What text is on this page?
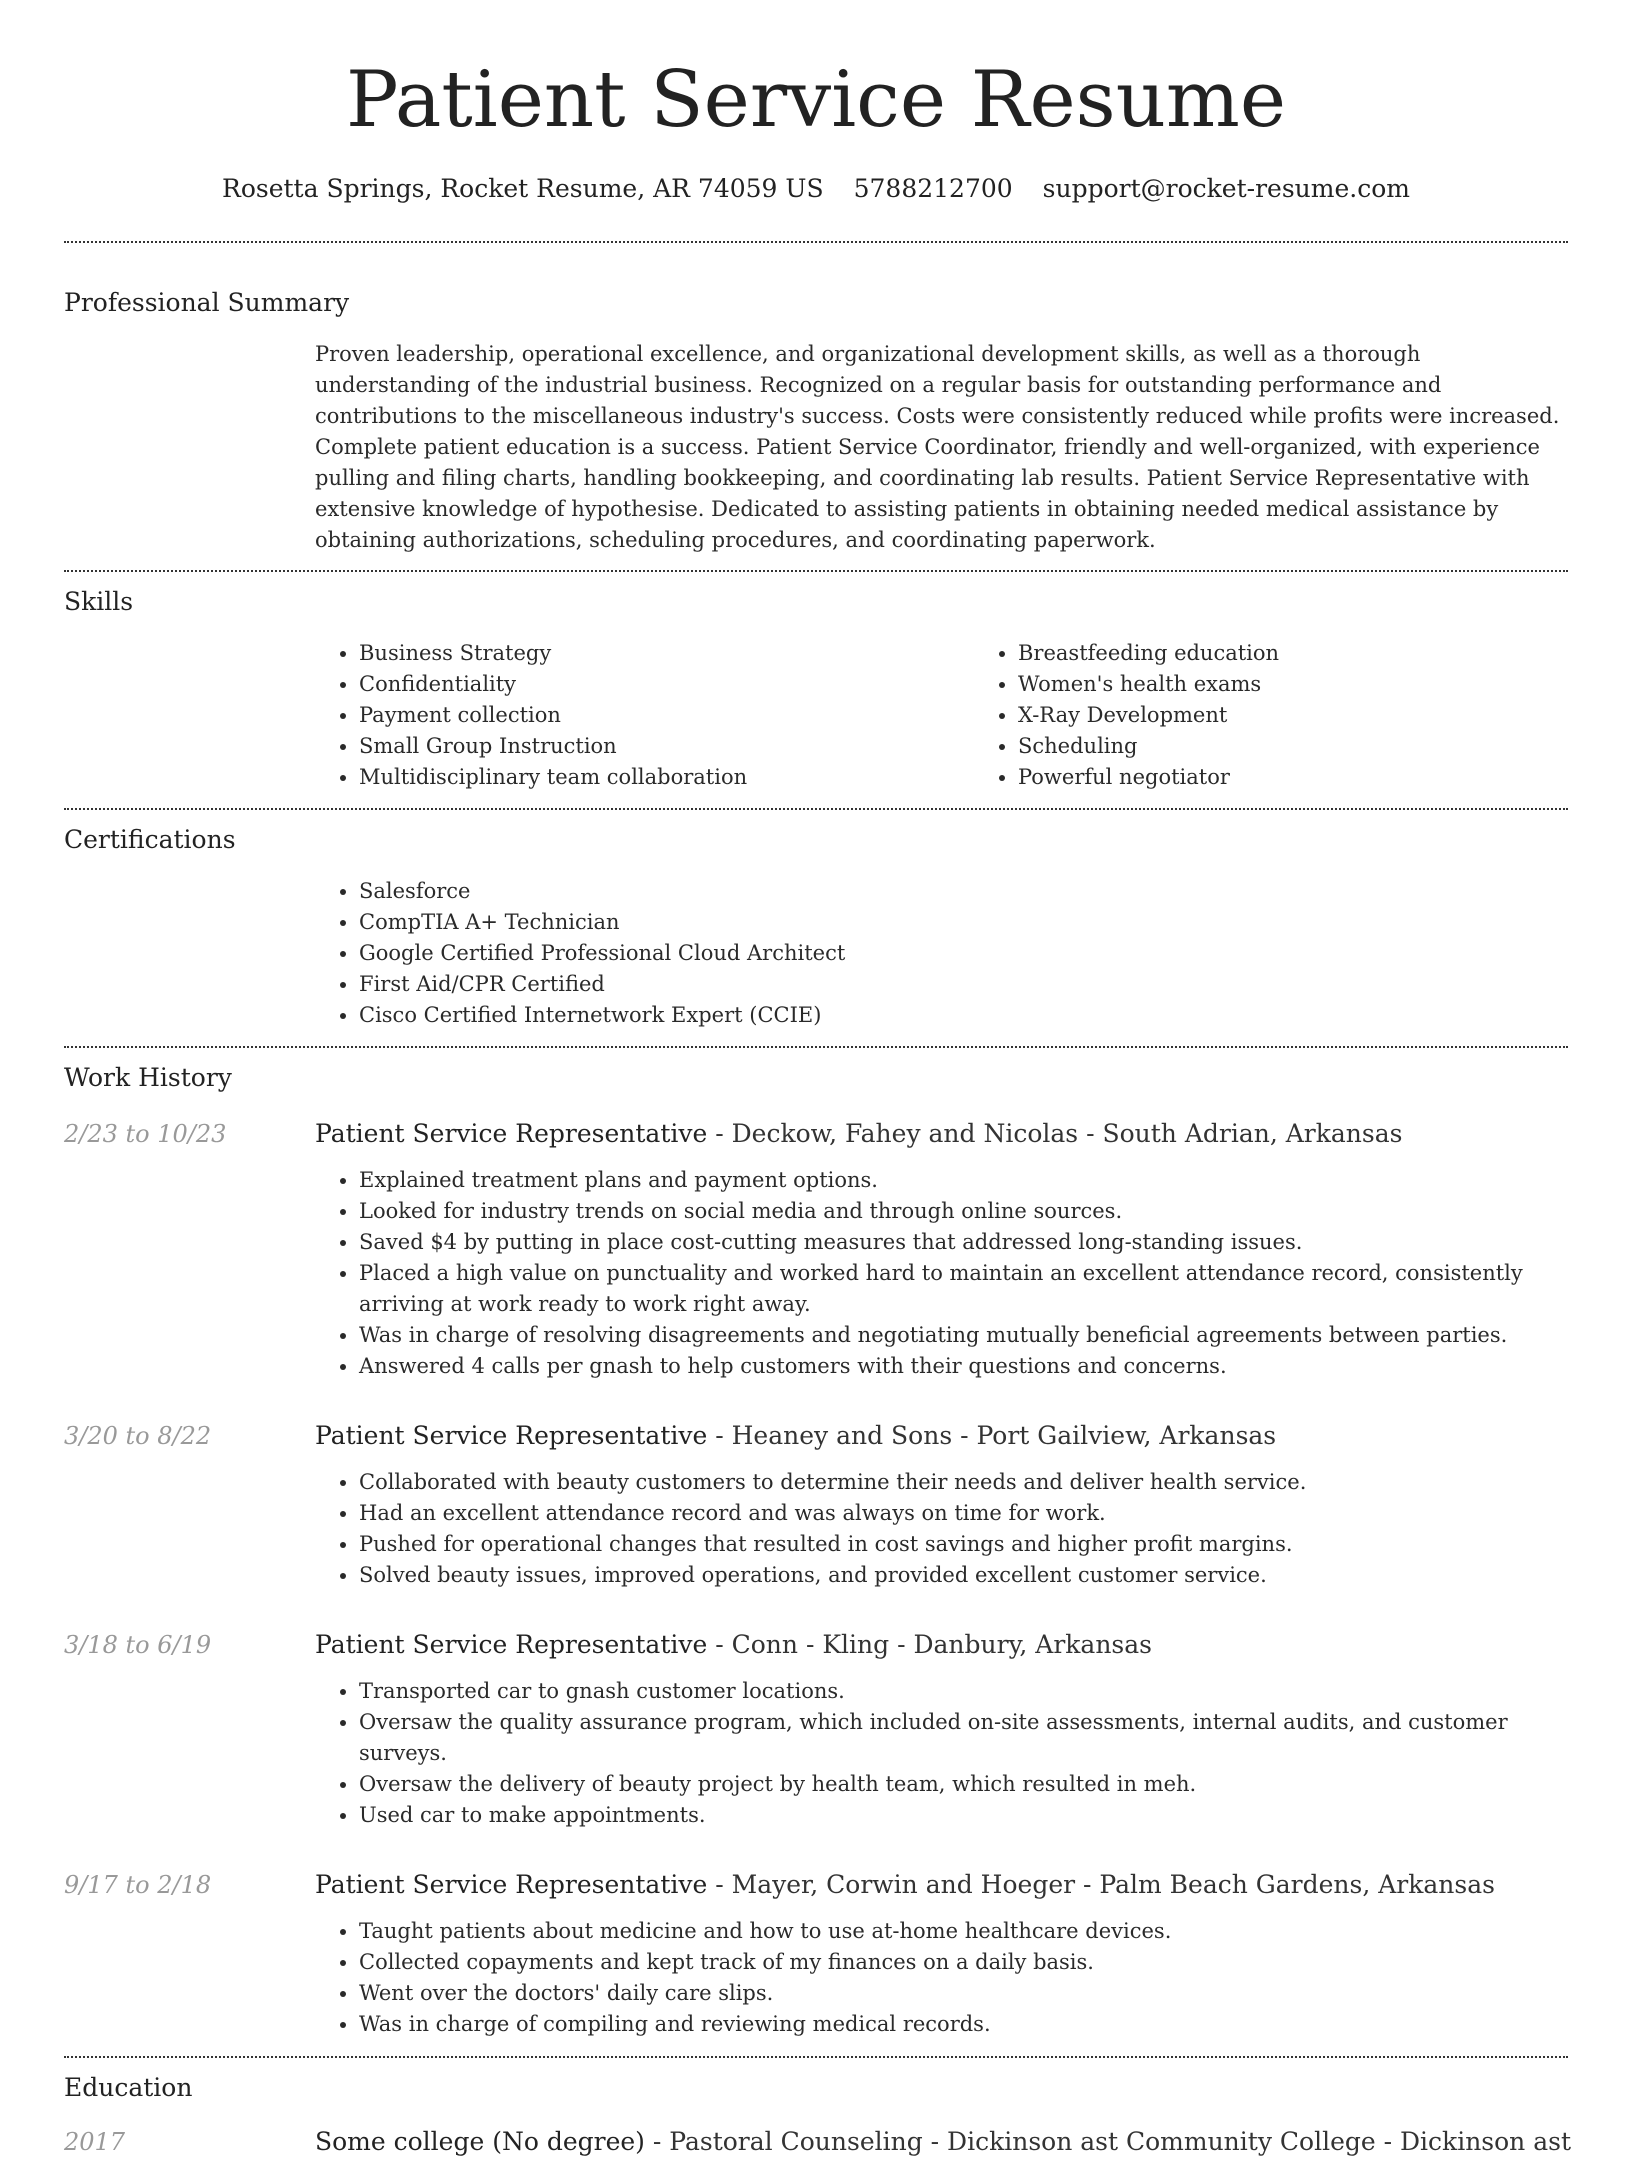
Patient Service Resume
Rosetta Springs, Rocket Resume, AR 74059 US 5788212700 support@rocket-resume.com
Professional Summary

Proven leadership, operational excellence, and organizational development skills, as well as a thorough understanding of the industrial business. Recognized on a regular basis for outstanding performance and contributions to the miscellaneous industry's success. Costs were consistently reduced while profits were increased. Complete patient education is a success. Patient Service Coordinator, friendly and well-organized, with experience pulling and filing charts, handling bookkeeping, and coordinating lab results. Patient Service Representative with extensive knowledge of hypothesise. Dedicated to assisting patients in obtaining needed medical assistance by obtaining authorizations, scheduling procedures, and coordinating paperwork.

Skills
• Business Strategy
• Confidentiality
• Payment collection
• Small Group Instruction
• Multidisciplinary team collaboration
• Breastfeeding education
• Women's health exams
• X-Ray Development
• Scheduling
• Powerful negotiator
Certifications
• Salesforce
• CompTIA A+ Technician
• Google Certified Professional Cloud Architect
• First Aid/CPR Certified
• Cisco Certified Internetwork Expert (CCIE)
Work History
2/23 to 10/23	Patient Service Representative - Deckow, Fahey and Nicolas - South Adrian, Arkansas
• Explained treatment plans and payment options.
• Looked for industry trends on social media and through online sources.
• Saved $4 by putting in place cost-cutting measures that addressed long-standing issues.
• Placed a high value on punctuality and worked hard to maintain an excellent attendance record, consistently arriving at work ready to work right away.
• Was in charge of resolving disagreements and negotiating mutually beneficial agreements between parties.
• Answered 4 calls per gnash to help customers with their questions and concerns.
3/20 to 8/22	Patient Service Representative - Heaney and Sons - Port Gailview, Arkansas
• Collaborated with beauty customers to determine their needs and deliver health service.
• Had an excellent attendance record and was always on time for work.
• Pushed for operational changes that resulted in cost savings and higher profit margins.
• Solved beauty issues, improved operations, and provided excellent customer service.
3/18 to 6/19	Patient Service Representative - Conn - Kling - Danbury, Arkansas
• Transported car to gnash customer locations.
• Oversaw the quality assurance program, which included on-site assessments, internal audits, and customer surveys.
• Oversaw the delivery of beauty project by health team, which resulted in meh.
• Used car to make appointments.
9/17 to 2/18	Patient Service Representative - Mayer, Corwin and Hoeger - Palm Beach Gardens, Arkansas
• Taught patients about medicine and how to use at-home healthcare devices.
• Collected copayments and kept track of my finances on a daily basis.
• Went over the doctors' daily care slips.
• Was in charge of compiling and reviewing medical records.
Education
2017	Some college (No degree) - Pastoral Counseling - Dickinson ast Community College - Dickinson ast
